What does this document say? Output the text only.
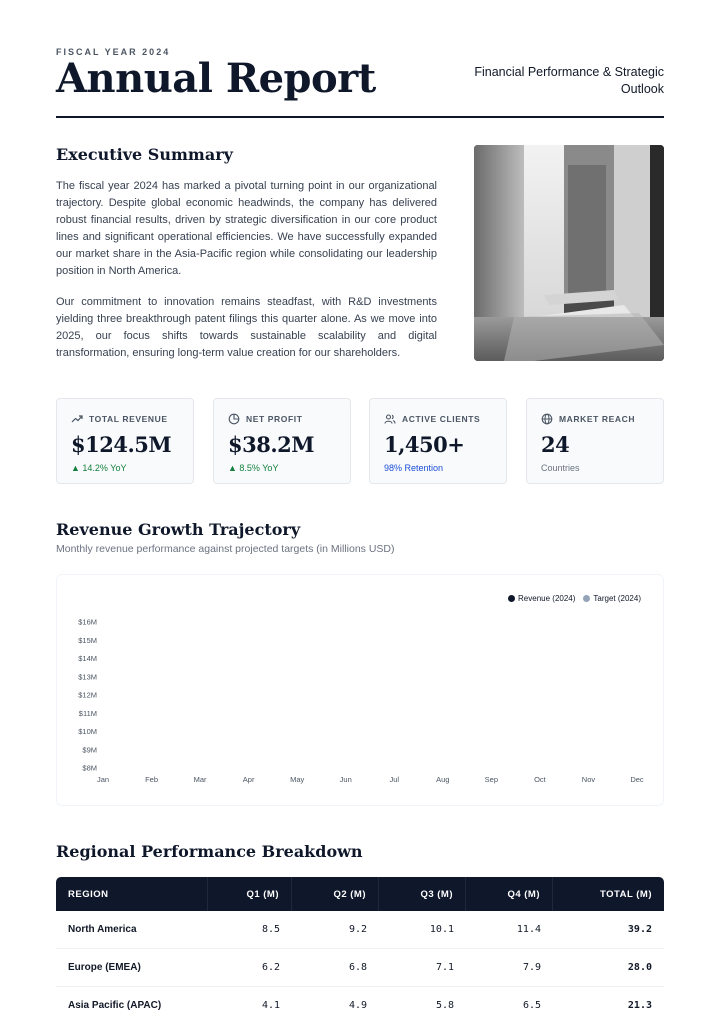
FISCAL YEAR 2024
Annual Report	Financial Performance & Strategic Outlook
Executive Summary

The fiscal year 2024 has marked a pivotal turning point in our organizational trajectory. Despite global economic headwinds, the company has delivered robust financial results, driven by strategic diversification in our core product lines and significant operational efficiencies. We have successfully expanded our market share in the Asia-Pacific region while consolidating our leadership position in North America.

Our commitment to innovation remains steadfast, with R&D investments yielding three breakthrough patent filings this quarter alone. As we move into 2025, our focus shifts towards sustainable scalability and digital transformation, ensuring long-term value creation for our shareholders.

TOTAL REVENUE
$124.5M
▲ 14.2% YoY
NET PROFIT
$38.2M
▲ 8.5% YoY
ACTIVE CLIENTS
1,450+
98% Retention
MARKET REACH
24
Countries
Revenue Growth Trajectory
Monthly revenue performance against projected targets (in Millions USD)
Revenue (2024) Target (2024)
$8M
$9M
$10M
$11M
$12M
$13M
$14M
$15M
$16M
Jan	Feb	Mar	Apr	May	Jun	Jul	Aug	Sep	Oct	Nov	Dec
Regional Performance Breakdown
REGION	Q1 (M)	Q2 (M)	Q3 (M)	Q4 (M)	TOTAL (M)
North America	8.5	9.2	10.1	11.4	39.2
Europe (EMEA)	6.2	6.8	7.1	7.9	28.0
Asia Pacific (APAC)	4.1	4.9	5.8	6.5	21.3
